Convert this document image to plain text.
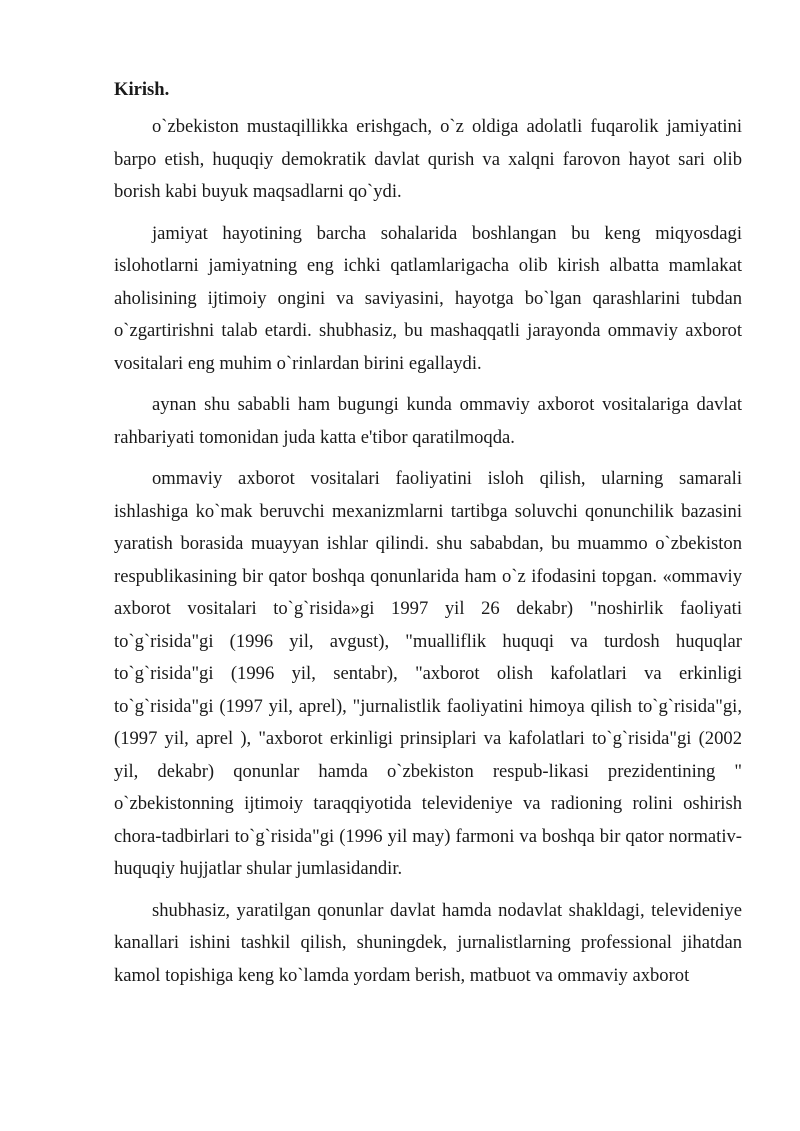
Kirish.

o`zbekiston mustaqillikka erishgach, o`z oldiga adolatli fuqarolik jamiyatini barpo etish, huquqiy demokratik davlat qurish va xalqni farovon hayot sari olib borish kabi buyuk maqsadlarni qo`ydi.

jamiyat hayotining barcha sohalarida boshlangan bu keng miqyosdagi islohotlarni jamiyatning eng ichki qatlamlarigacha olib kirish albatta mamlakat aholisining ijtimoiy ongini va saviyasini, hayotga bo`lgan qarashlarini tubdan o`zgartirishni talab etardi. shubhasiz, bu mashaqqatli jarayonda ommaviy axborot vositalari eng muhim o`rinlardan birini egallaydi.

aynan shu sababli ham bugungi kunda ommaviy axborot vositalariga davlat rahbariyati tomonidan juda katta e'tibor qaratilmoqda.

ommaviy axborot vositalari faoliyatini isloh qilish, ularning samarali ishlashiga ko`mak beruvchi mexanizmlarni tartibga soluvchi qonunchilik bazasini yaratish borasida muayyan ishlar qilindi. shu sababdan, bu muammo o`zbekiston respublikasining bir qator boshqa qonunlarida ham o`z ifodasini topgan. «ommaviy axborot vositalari to`g`risida»gi 1997 yil 26 dekabr) "noshirlik faoliyati to`g`risida"gi (1996 yil, avgust), "mualliflik huquqi va turdosh huquqlar to`g`risida"gi (1996 yil, sentabr), "axborot olish kafolatlari va erkinligi to`g`risida"gi (1997 yil, aprel), "jurnalistlik faoliyatini himoya qilish to`g`risida"gi, (1997 yil, aprel ), "axborot erkinligi prinsiplari va kafolatlari to`g`risida"gi (2002 yil, dekabr) qonunlar hamda o`zbekiston respub-likasi prezidentining " o`zbekistonning ijtimoiy taraqqiyotida televideniye va radioning rolini oshirish chora-tadbirlari to`g`risida"gi (1996 yil may) farmoni va boshqa bir qator normativ-huquqiy hujjatlar shular jumlasidandir.

shubhasiz, yaratilgan qonunlar davlat hamda nodavlat shakldagi, televideniye kanallari ishini tashkil qilish, shuningdek, jurnalistlarning professional jihatdan kamol topishiga keng ko`lamda yordam berish, matbuot va ommaviy axborot
